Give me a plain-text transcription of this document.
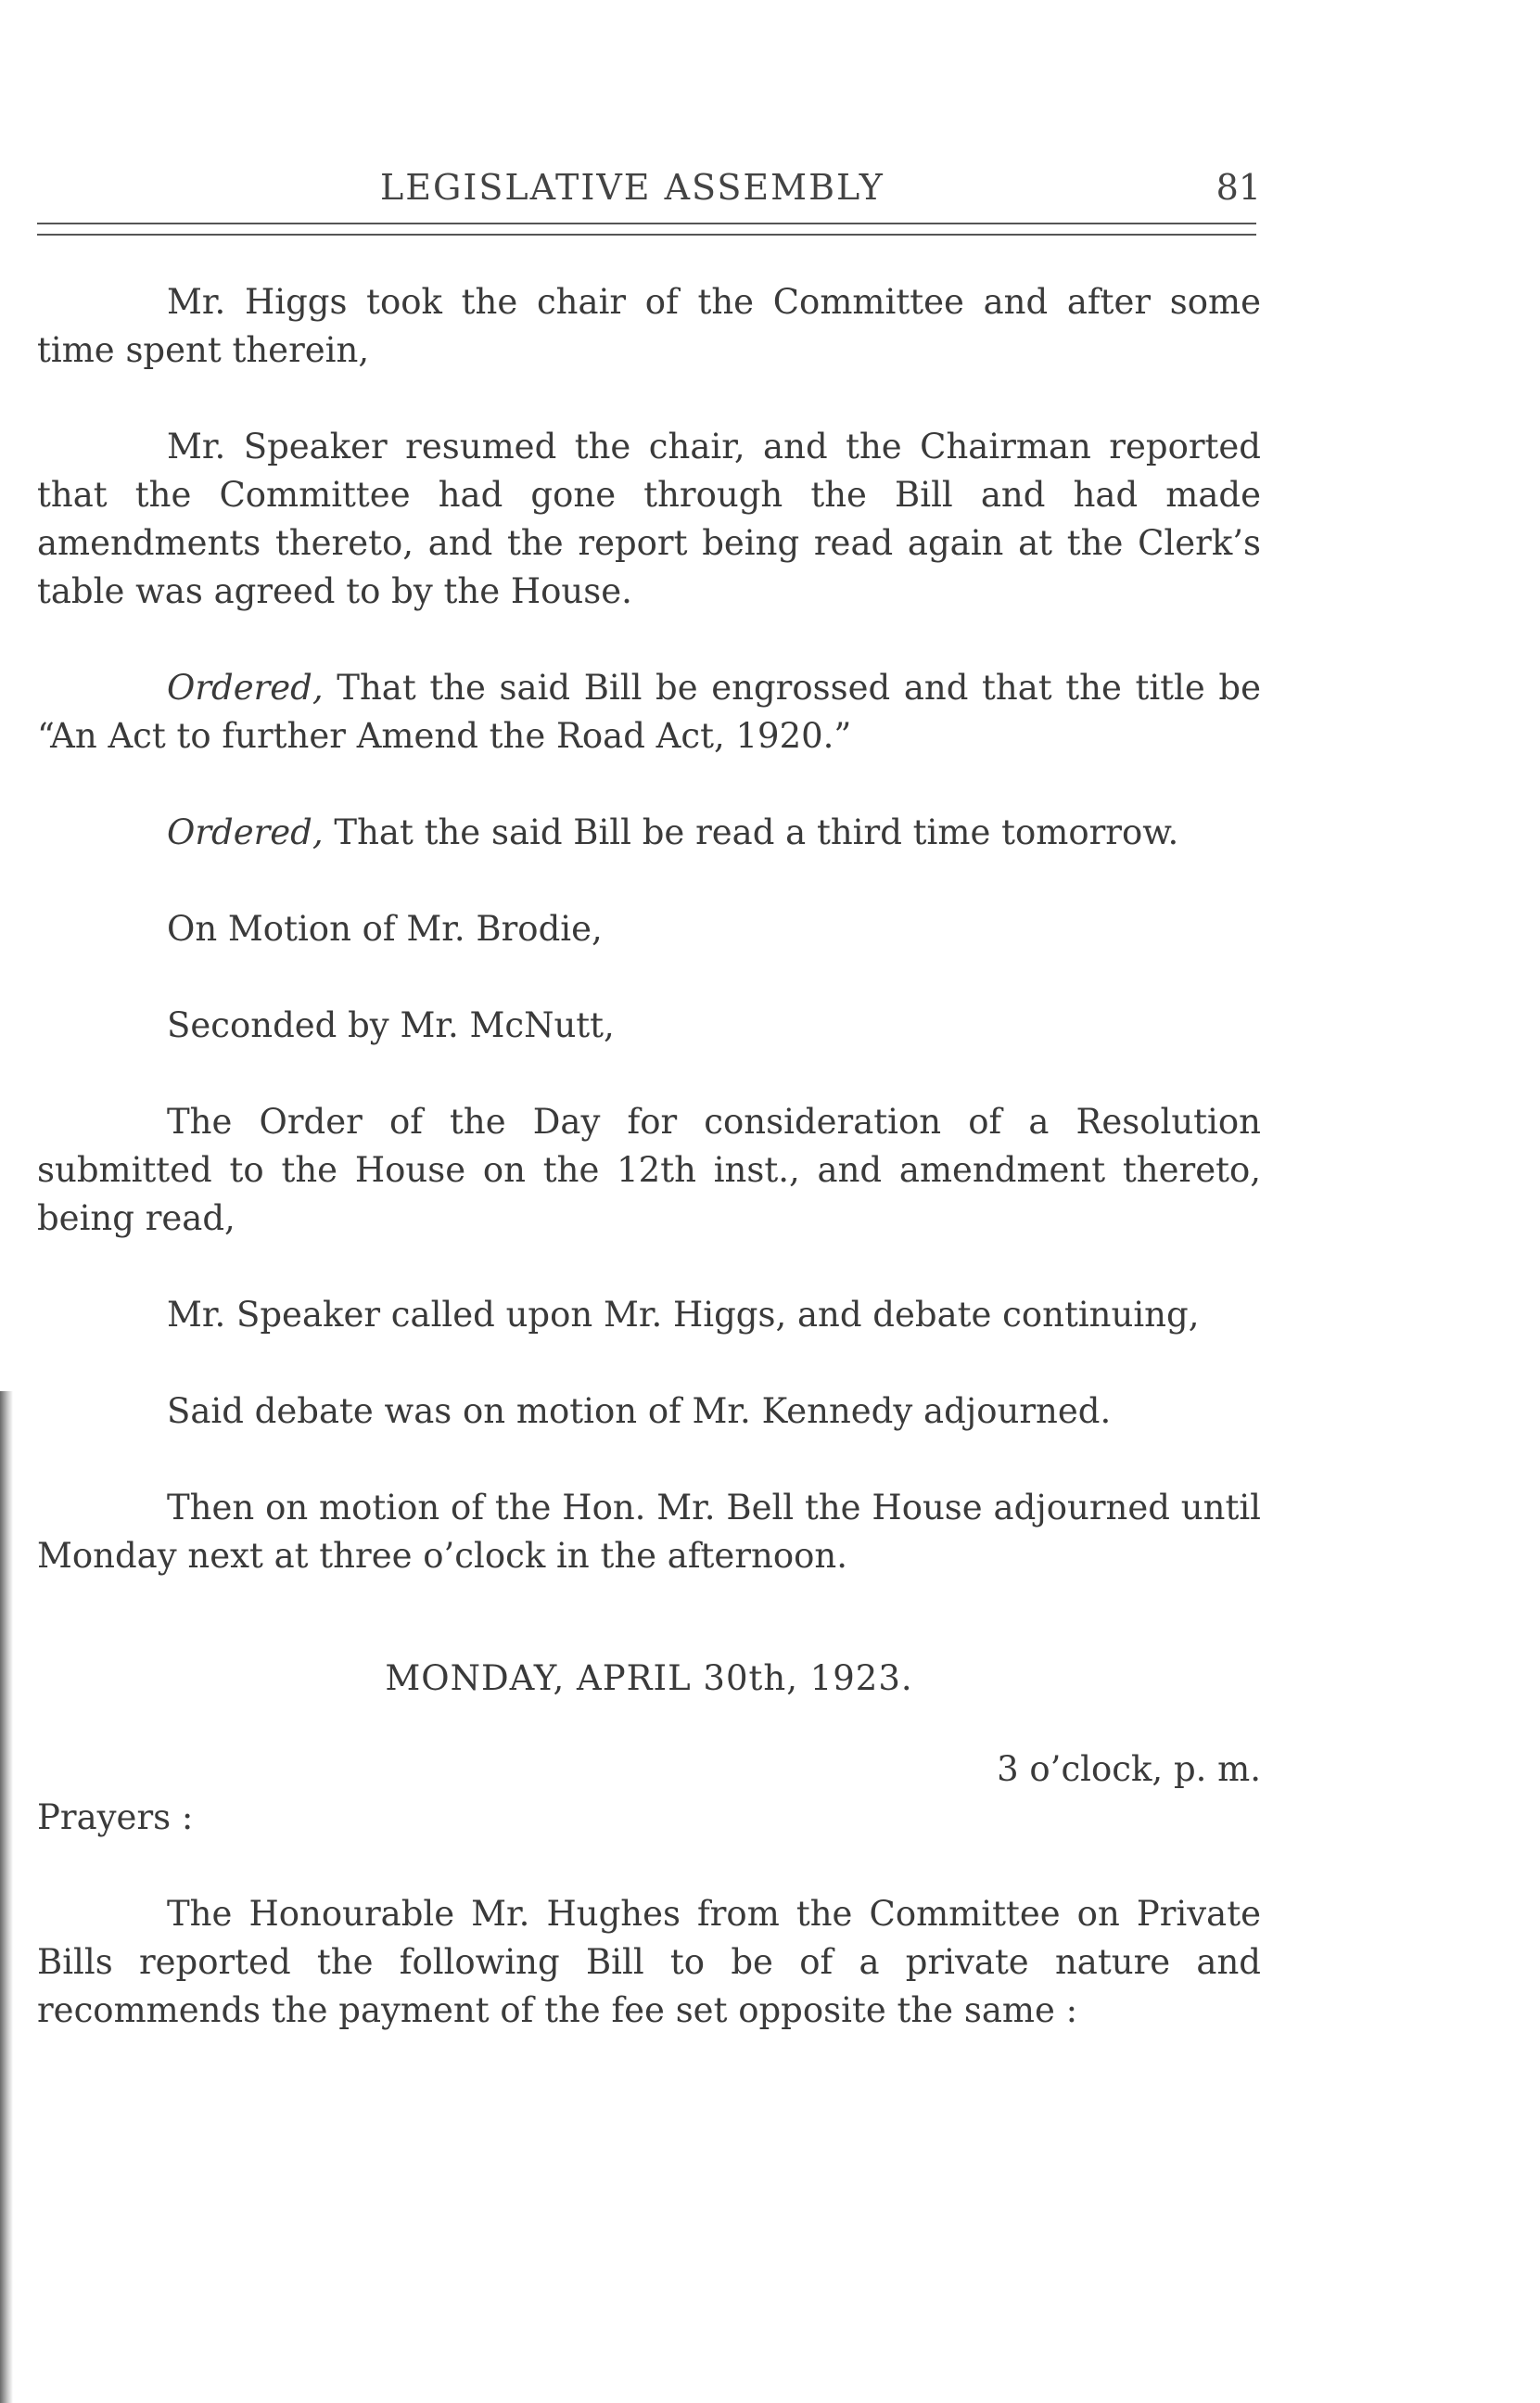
LEGISLATIVE ASSEMBLY	81

Mr. Higgs took the chair of the Committee and after some time spent therein,

Mr. Speaker resumed the chair, and the Chairman reported that the Committee had gone through the Bill and had made amendments thereto, and the report being read again at the Clerk’s table was agreed to by the House.

Ordered, That the said Bill be engrossed and that the title be “An Act to further Amend the Road Act, 1920.”

Ordered, That the said Bill be read a third time tomorrow.

On Motion of Mr. Brodie,

Seconded by Mr. McNutt,

The Order of the Day for consideration of a Resolution submitted to the House on the 12th inst., and amendment thereto, being read,

Mr. Speaker called upon Mr. Higgs, and debate continuing,

Said debate was on motion of Mr. Kennedy adjourned.

Then on motion of the Hon. Mr. Bell the House adjourned until Monday next at three o’clock in the afternoon.

MONDAY, APRIL 30th, 1923.

3 o’clock, p. m.

Prayers :

The Honourable Mr. Hughes from the Committee on Private Bills reported the following Bill to be of a private nature and recommends the payment of the fee set opposite the same :
